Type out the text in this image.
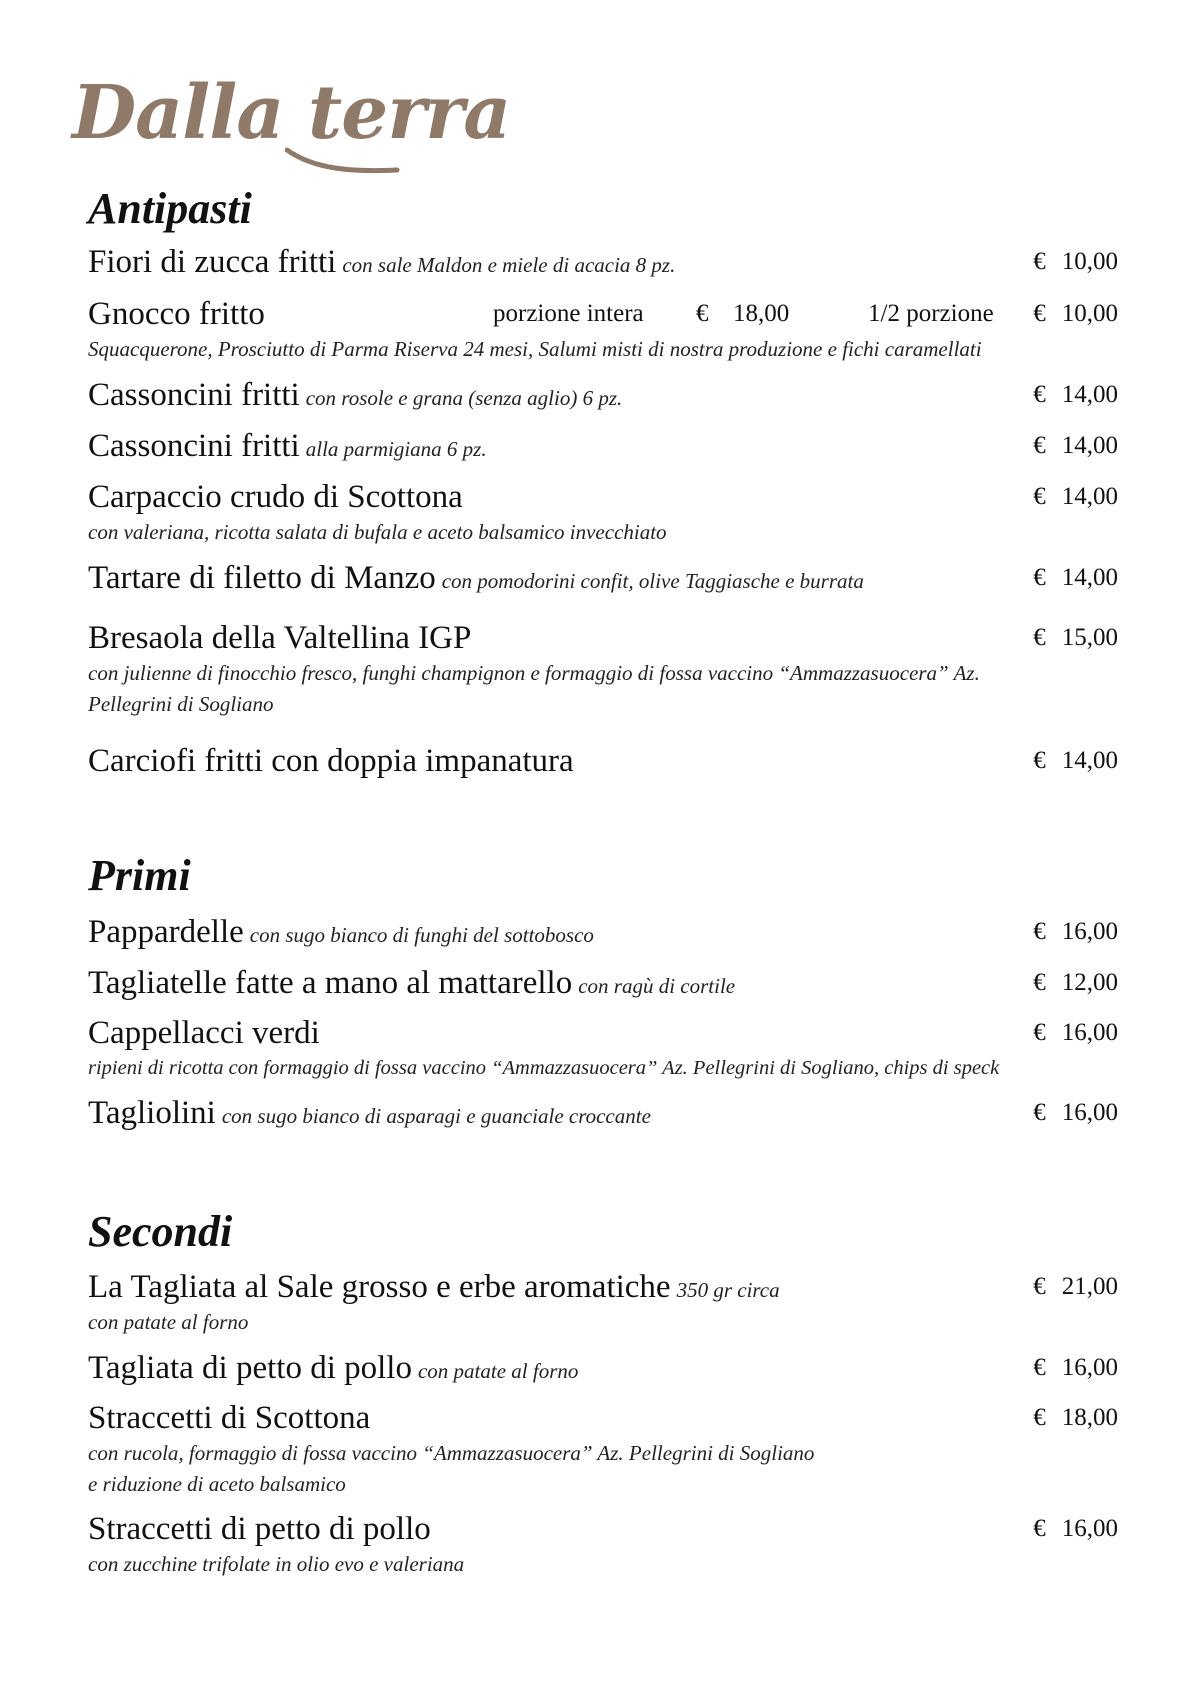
Dalla terra
Antipasti
Fiori di zucca fritti con sale Maldon e miele di acacia 8 pz.	€ 10,00
Gnocco fritto	porzione intera € 18,00	1/2 porzione € 10,00
Squacquerone, Prosciutto di Parma Riserva 24 mesi, Salumi misti di nostra produzione e fichi caramellati
Cassoncini fritti con rosole e grana (senza aglio) 6 pz.	€ 14,00
Cassoncini fritti alla parmigiana 6 pz.	€ 14,00
Carpaccio crudo di Scottona	€ 14,00
con valeriana, ricotta salata di bufala e aceto balsamico invecchiato
Tartare di filetto di Manzo con pomodorini confit, olive Taggiasche e burrata	€ 14,00
Bresaola della Valtellina IGP	€ 15,00
con julienne di finocchio fresco, funghi champignon e formaggio di fossa vaccino “Ammazzasuocera” Az.
Pellegrini di Sogliano
Carciofi fritti con doppia impanatura	€ 14,00
Primi
Pappardelle con sugo bianco di funghi del sottobosco	€ 16,00
Tagliatelle fatte a mano al mattarello con ragù di cortile	€ 12,00
Cappellacci verdi	€ 16,00
ripieni di ricotta con formaggio di fossa vaccino “Ammazzasuocera” Az. Pellegrini di Sogliano, chips di speck
Tagliolini con sugo bianco di asparagi e guanciale croccante	€ 16,00
Secondi
La Tagliata al Sale grosso e erbe aromatiche 350 gr circa	€ 21,00
con patate al forno
Tagliata di petto di pollo con patate al forno	€ 16,00
Straccetti di Scottona	€ 18,00
con rucola, formaggio di fossa vaccino “Ammazzasuocera” Az. Pellegrini di Sogliano
e riduzione di aceto balsamico
Straccetti di petto di pollo	€ 16,00
con zucchine trifolate in olio evo e valeriana
